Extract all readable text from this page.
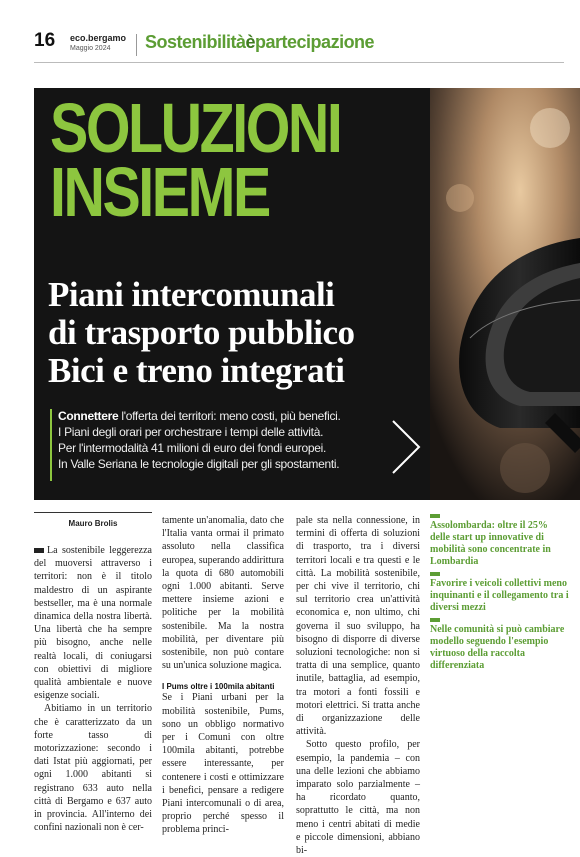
16 eco.bergamo
Maggio 2024 Sostenibilitàèpartecipazione
SOLUZIONI
INSIEME
Piani intercomunali
di trasporto pubblico
Bici e treno integrati
Connettere l'offerta dei territori: meno costi, più benefici.
I Piani degli orari per orchestrare i tempi delle attività.
Per l'intermodalità 41 milioni di euro dei fondi europei.
In Valle Seriana le tecnologie digitali per gli spostamenti.
Mauro Brolis

La sostenibile leggerezza del muoversi attraverso i territori: non è il titolo maldestro di un aspirante bestseller, ma è una normale dinamica della nostra libertà. Una libertà che ha sempre più bisogno, anche nelle realtà locali, di coniugarsi con obiettivi di migliore qualità ambientale e nuove esigenze sociali.

Abitiamo in un territorio che è caratterizzato da un forte tasso di motorizzazione: secondo i dati Istat più aggiornati, per ogni 1.000 abitanti si registrano 633 auto nella città di Bergamo e 637 auto in provincia. All'interno dei confini nazionali non è cer-

tamente un'anomalia, dato che l'Italia vanta ormai il primato assoluto nella classifica europea, superando addirittura la quota di 680 automobili ogni 1.000 abitanti. Serve mettere insieme azioni e politiche per la mobilità sostenibile. Ma la nostra mobilità, per diventare più sostenibile, non può contare su un'unica soluzione magica.

I Pums oltre i 100mila abitanti

Se i Piani urbani per la mobilità sostenibile, Pums, sono un obbligo normativo per i Comuni con oltre 100mila abitanti, potrebbe essere interessante, per contenere i costi e ottimizzare i benefici, pensare a redigere Piani intercomunali o di area, proprio perché spesso il problema princi-

pale sta nella connessione, in termini di offerta di soluzioni di trasporto, tra i diversi territori locali e tra questi e le città. La mobilità sostenibile, per chi vive il territorio, chi sul territorio crea un'attività economica e, non ultimo, chi governa il suo sviluppo, ha bisogno di disporre di diverse soluzioni tecnologiche: non si tratta di una semplice, quanto inutile, battaglia, ad esempio, tra motori a fonti fossili e motori elettrici. Si tratta anche di organizzazione delle attività.

Sotto questo profilo, per esempio, la pandemia – con una delle lezioni che abbiamo imparato solo parzialmente – ha ricordato quanto, soprattutto le città, ma non meno i centri abitati di medie e piccole dimensioni, abbiano bi-

Assolombarda: oltre il 25% delle start up innovative di mobilità sono concentrate in Lombardia
Favorire i veicoli collettivi meno inquinanti e il collegamento tra i diversi mezzi
Nelle comunità si può cambiare modello seguendo l'esempio virtuoso della raccolta differenziata
